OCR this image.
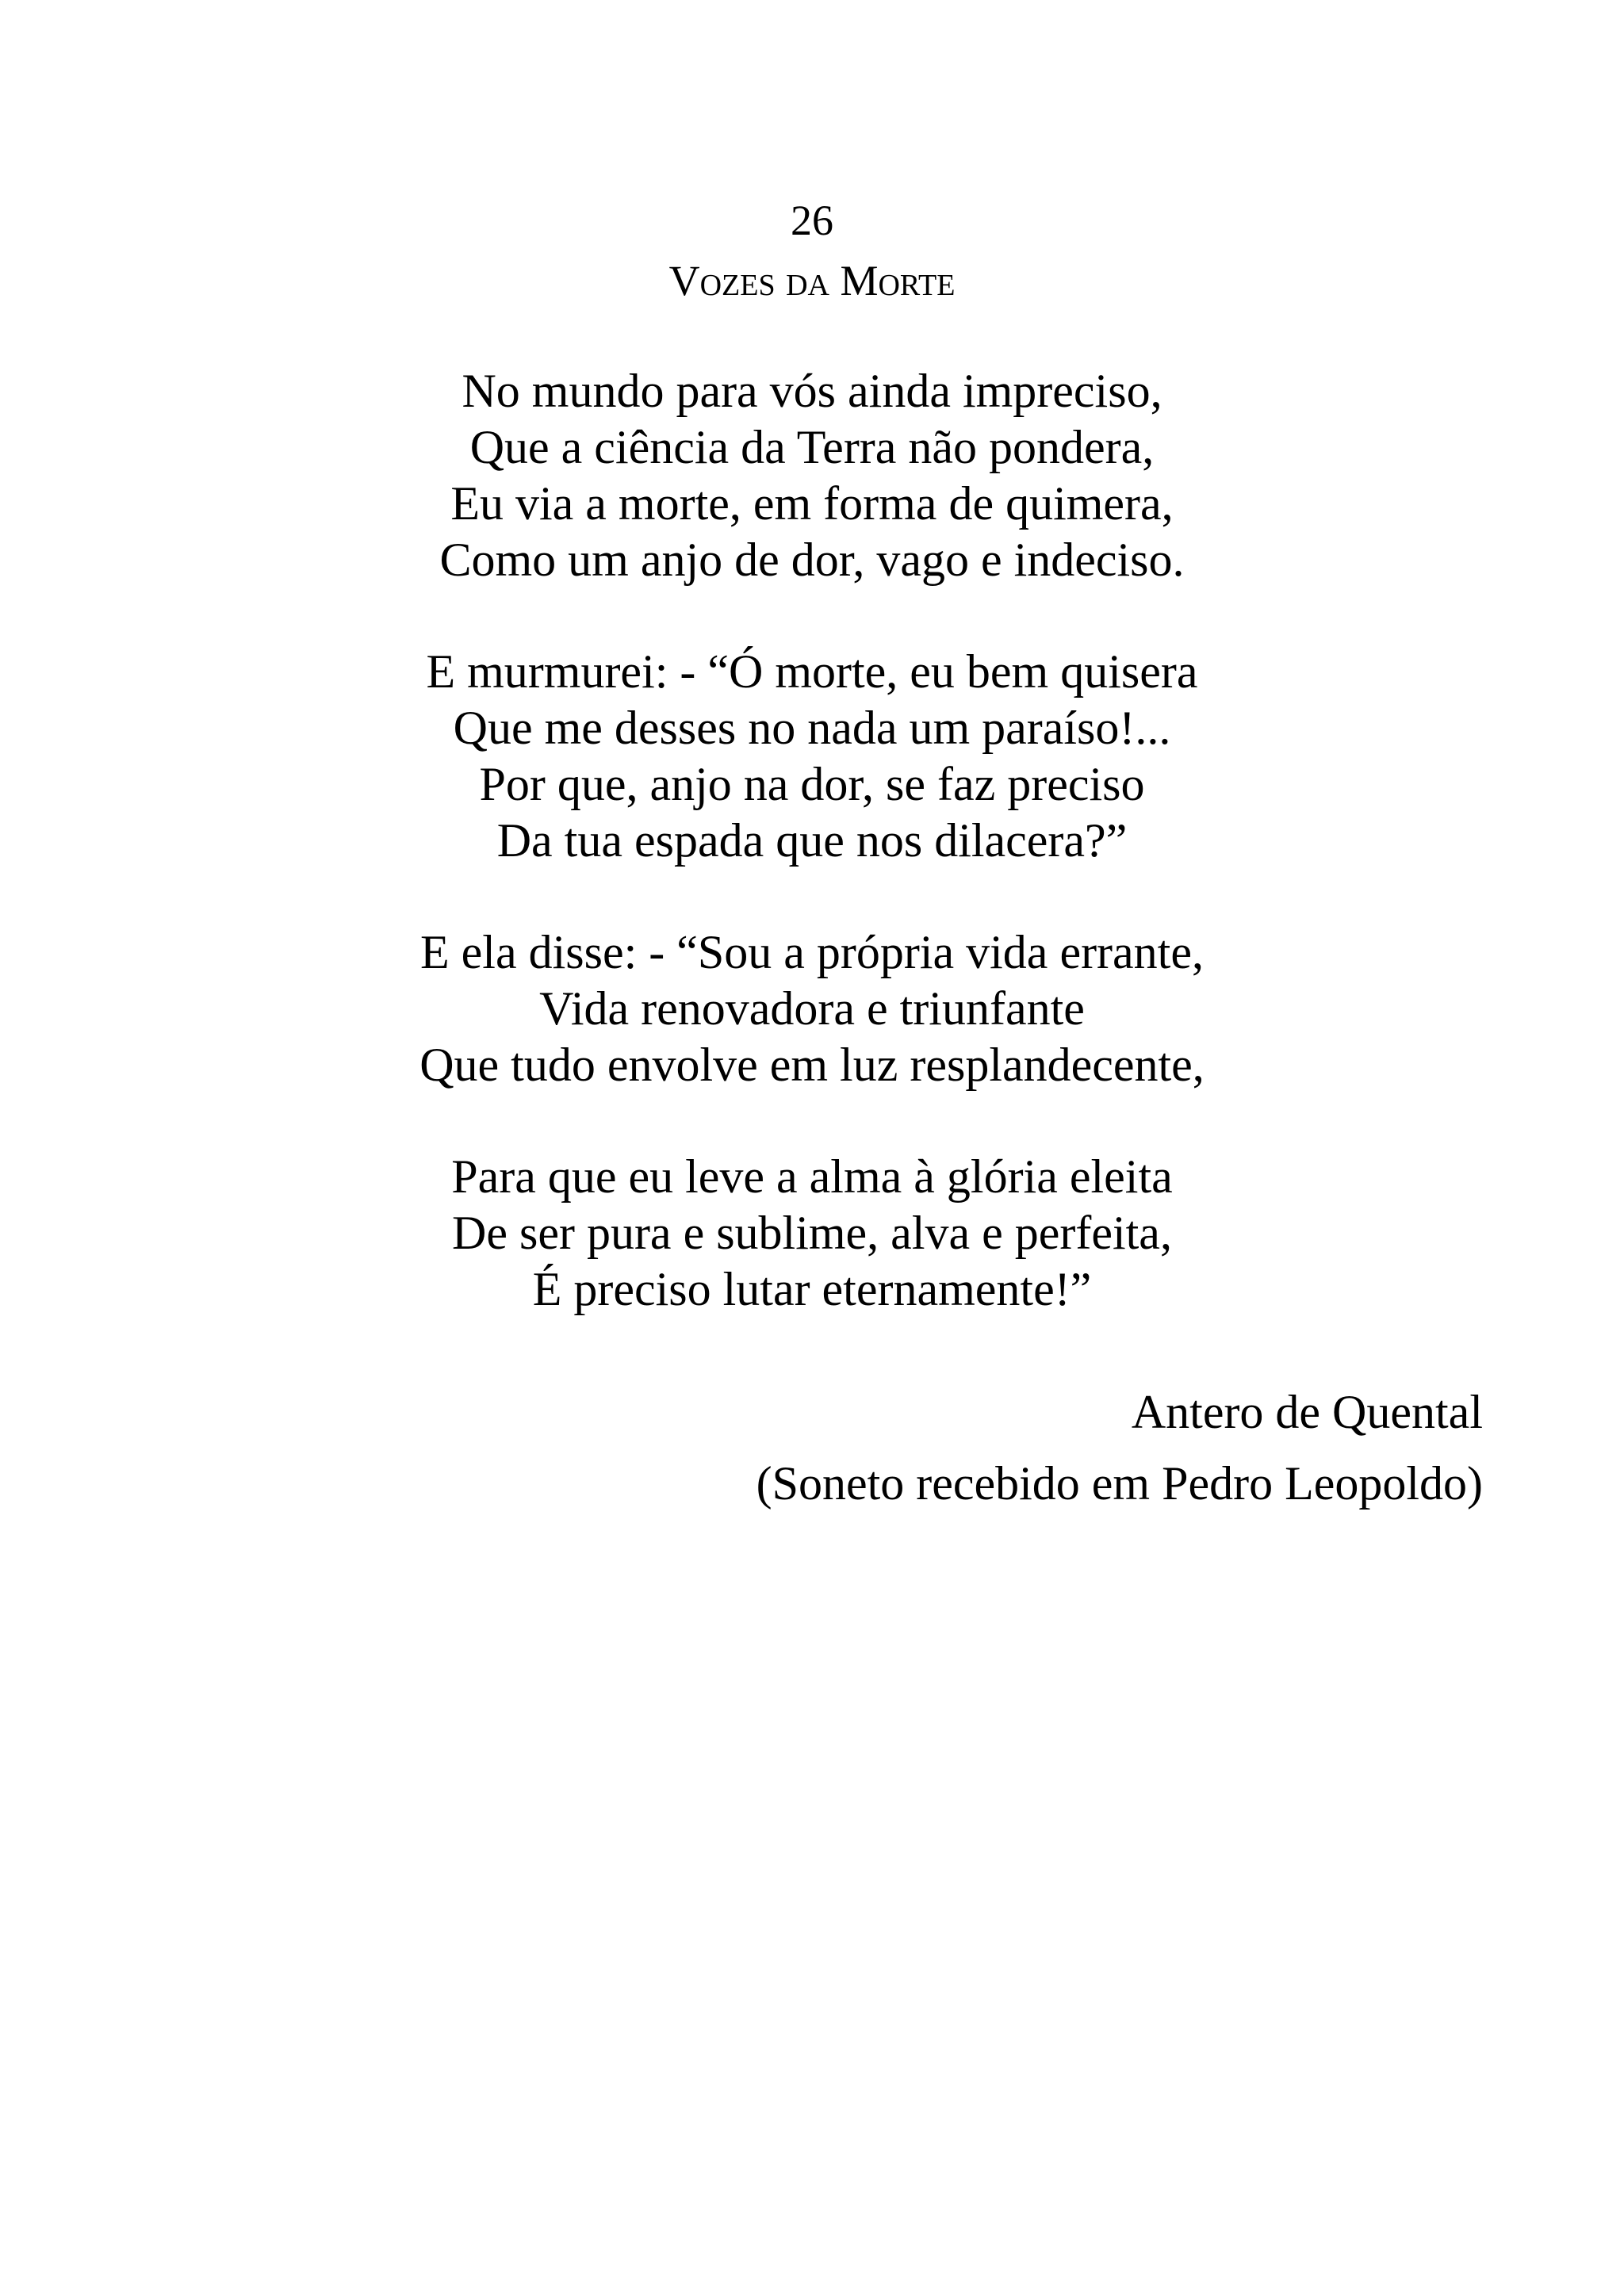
26
Vozes da Morte
No mundo para vós ainda impreciso,
Que a ciência da Terra não pondera,
Eu via a morte, em forma de quimera,
Como um anjo de dor, vago e indeciso.
E murmurei: - “Ó morte, eu bem quisera
Que me desses no nada um paraíso!...
Por que, anjo na dor, se faz preciso
Da tua espada que nos dilacera?”
E ela disse: - “Sou a própria vida errante,
Vida renovadora e triunfante
Que tudo envolve em luz resplandecente,
Para que eu leve a alma à glória eleita
De ser pura e sublime, alva e perfeita,
É preciso lutar eternamente!”
Antero de Quental
(Soneto recebido em Pedro Leopoldo)
